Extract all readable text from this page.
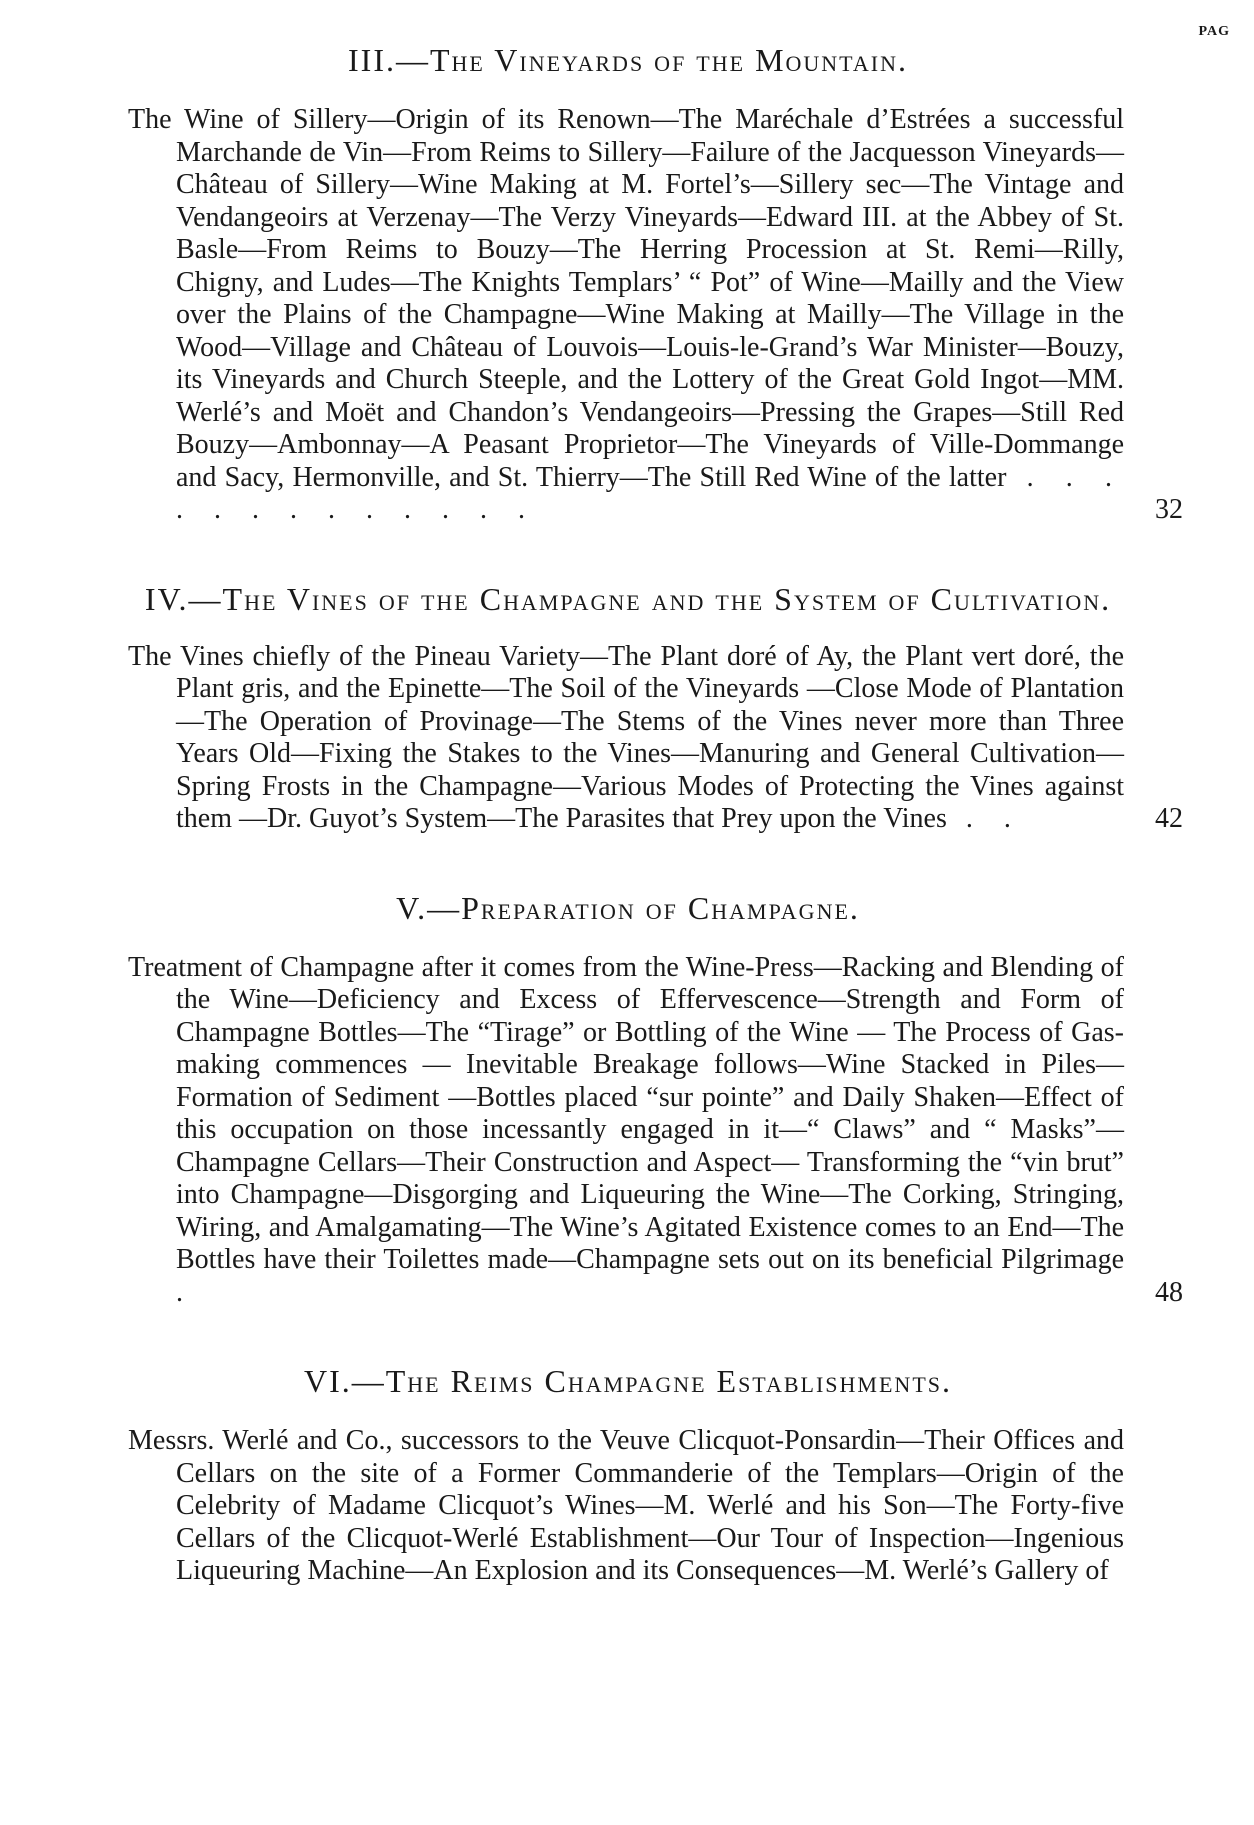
PAG
III.—The Vineyards of the Mountain.

The Wine of Sillery—Origin of its Renown—The Maréchale d’Estrées a successful Marchande de Vin—From Reims to Sillery—Failure of the Jacquesson Vineyards—Château of Sillery—Wine Making at M. Fortel’s—Sillery sec—The Vintage and Vendangeoirs at Verzenay—The Verzy Vineyards—Edward III. at the Abbey of St. Basle—From Reims to Bouzy—The Herring Procession at St. Remi—Rilly, Chigny, and Ludes—The Knights Templars’ “ Pot” of Wine—Mailly and the View over the Plains of the Champagne—Wine Making at Mailly—The Village in the Wood—Village and Château of Louvois—Louis-le-Grand’s War Minister—Bouzy, its Vineyards and Church Steeple, and the Lottery of the Great Gold Ingot—MM. Werlé’s and Moët and Chandon’s Vendangeoirs—Pressing the Grapes—Still Red Bouzy—Ambonnay—A Peasant Proprietor—The Vineyards of Ville-Dommange and Sacy, Hermonville, and St. Thierry—The Still Red Wine of the latter . . . . . . . . . . . . .	32

IV.—The Vines of the Champagne and the System of Cultivation.

The Vines chiefly of the Pineau Variety—The Plant doré of Ay, the Plant vert doré, the Plant gris, and the Epinette—The Soil of the Vineyards —Close Mode of Plantation—The Operation of Provinage—The Stems of the Vines never more than Three Years Old—Fixing the Stakes to the Vines—Manuring and General Cultivation—Spring Frosts in the Champagne—Various Modes of Protecting the Vines against them —Dr. Guyot’s System—The Parasites that Prey upon the Vines . .	42

V.—Preparation of Champagne.

Treatment of Champagne after it comes from the Wine-Press—Racking and Blending of the Wine—Deficiency and Excess of Effervescence—Strength and Form of Champagne Bottles—The “Tirage” or Bottling of the Wine — The Process of Gas-making commences — Inevitable Breakage follows—Wine Stacked in Piles—Formation of Sediment —Bottles placed “sur pointe” and Daily Shaken—Effect of this occupation on those incessantly engaged in it—“ Claws” and “ Masks”—Champagne Cellars—Their Construction and Aspect— Transforming the “vin brut” into Champagne—Disgorging and Liqueuring the Wine—The Corking, Stringing, Wiring, and Amalgamating—The Wine’s Agitated Existence comes to an End—The Bottles have their Toilettes made—Champagne sets out on its beneficial Pilgrimage .	48

VI.—The Reims Champagne Establishments.

Messrs. Werlé and Co., successors to the Veuve Clicquot-Ponsardin—Their Offices and Cellars on the site of a Former Commanderie of the Templars—Origin of the Celebrity of Madame Clicquot’s Wines—M. Werlé and his Son—The Forty-five Cellars of the Clicquot-Werlé Establishment—Our Tour of Inspection—Ingenious Liqueuring Machine—An Explosion and its Consequences—M. Werlé’s Gallery of
